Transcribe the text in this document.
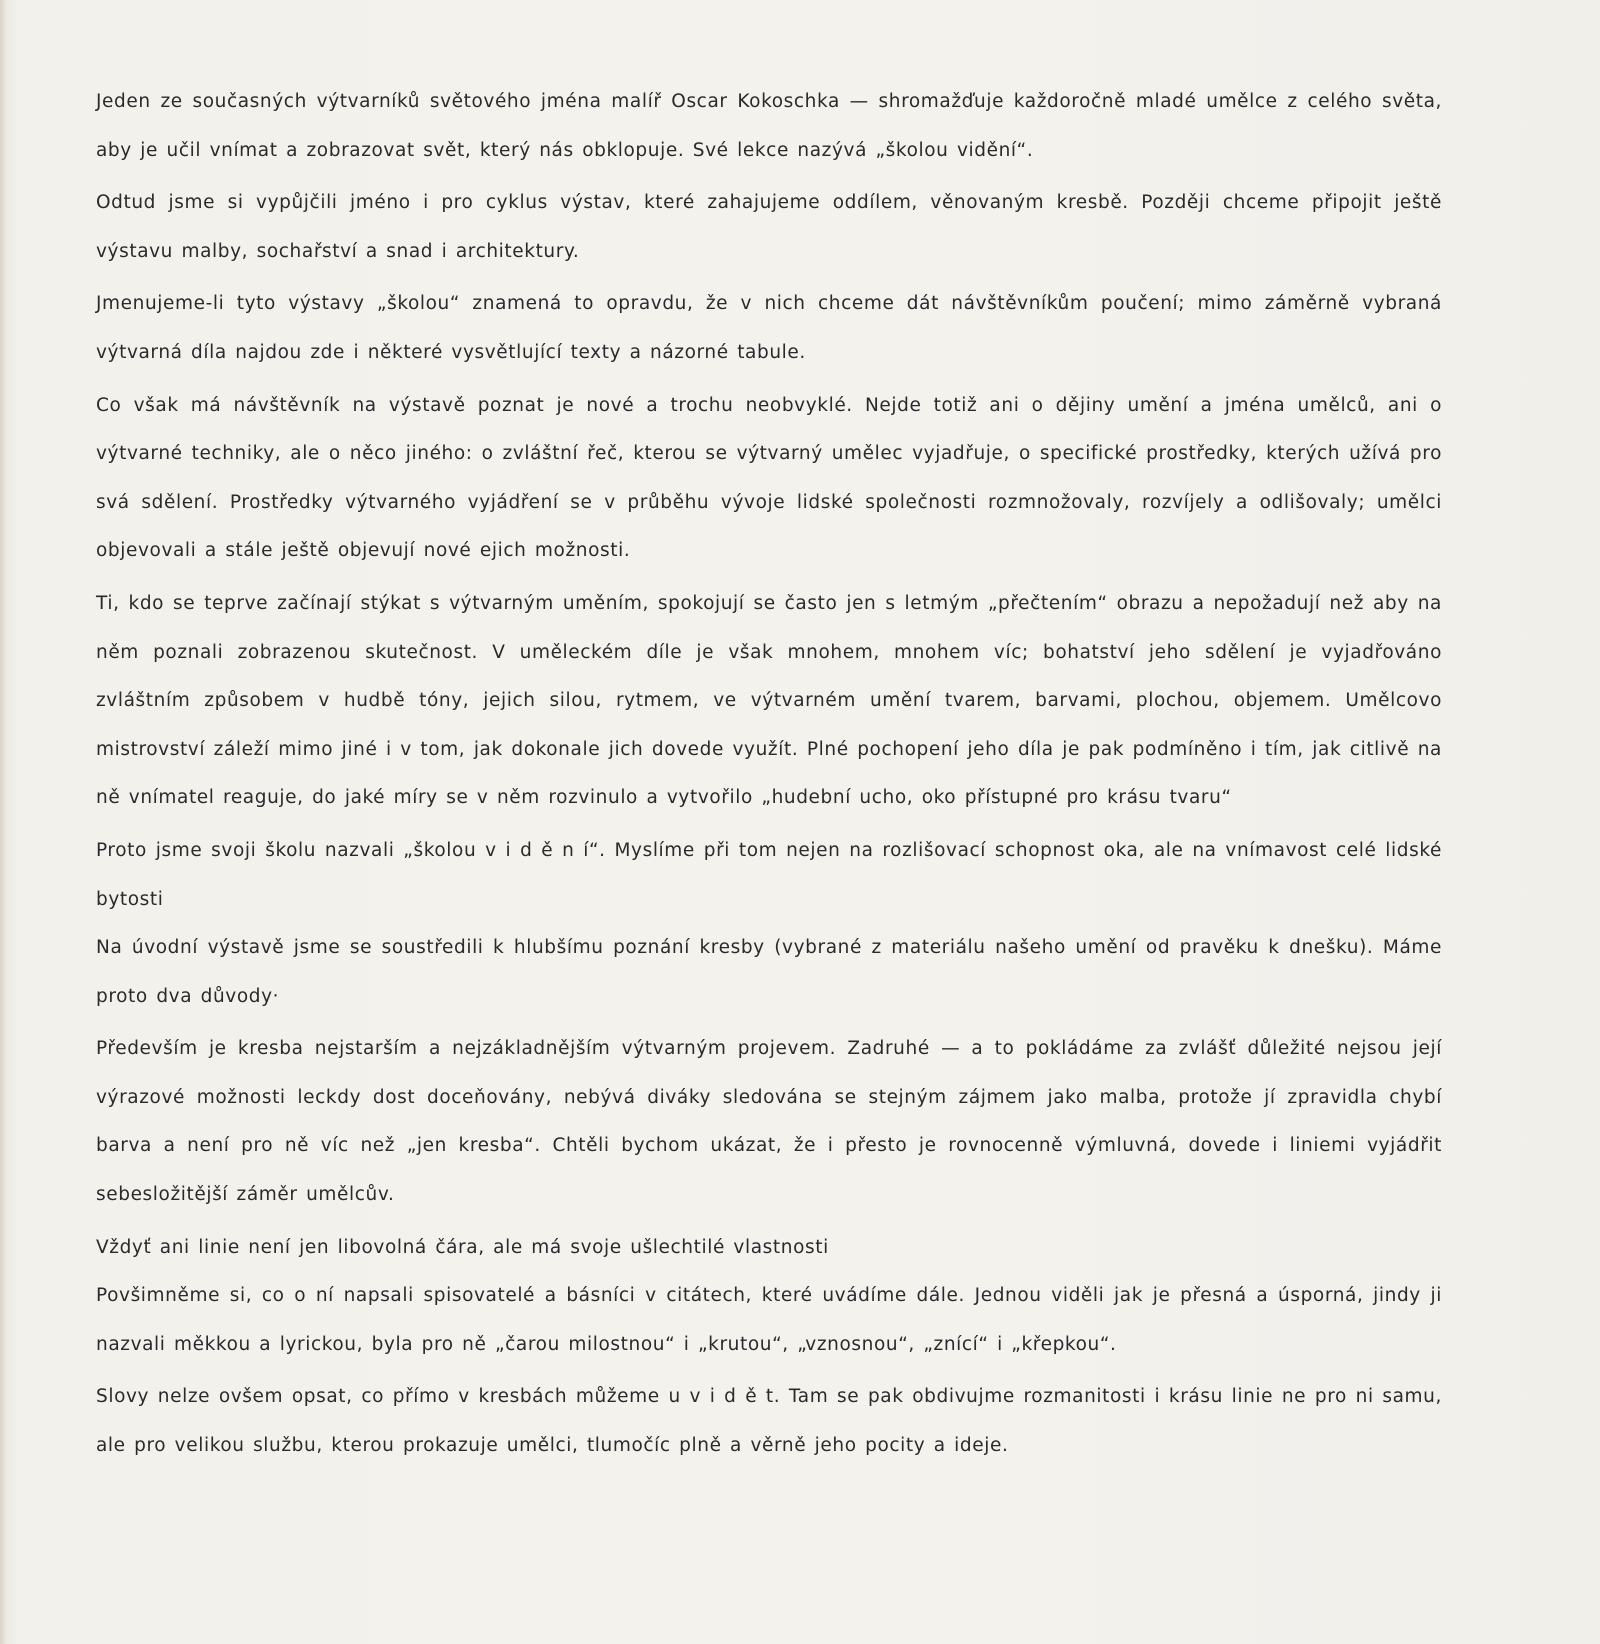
Jeden ze současných výtvarníků světového jména malíř Oscar Kokoschka — shromažďuje každoročně mladé umělce z celého světa, aby je učil vnímat a zobrazovat svět, který nás obklopuje. Své lekce nazývá „školou vidění“.

Odtud jsme si vypůjčili jméno i pro cyklus výstav, které zahajujeme oddílem, věnovaným kresbě. Později chceme připojit ještě výstavu malby, sochařství a snad i architektury.

Jmenujeme-li tyto výstavy „školou“ znamená to opravdu, že v nich chceme dát návštěvníkům poučení; mimo záměrně vybraná výtvarná díla najdou zde i některé vysvětlující texty a názorné tabule.

Co však má návštěvník na výstavě poznat je nové a trochu neobvyklé. Nejde totiž ani o dějiny umění a jména umělců, ani o výtvarné techniky, ale o něco jiného: o zvláštní řeč, kterou se výtvarný umělec vyjadřuje, o specifické prostředky, kterých užívá pro svá sdělení. Prostředky výtvarného vyjádření se v průběhu vývoje lidské společnosti rozmnožovaly, rozvíjely a odlišovaly; umělci objevovali a stále ještě objevují nové ejich možnosti.

Ti, kdo se teprve začínají stýkat s výtvarným uměním, spokojují se často jen s letmým „přečtením“ obrazu a nepožadují než aby na něm poznali zobrazenou skutečnost. V uměleckém díle je však mnohem, mnohem víc; bohatství jeho sdělení je vyjadřováno zvláštním způsobem v hudbě tóny, jejich silou, rytmem, ve výtvarném umění tvarem, barvami, plochou, objemem. Umělcovo mistrovství záleží mimo jiné i v tom, jak dokonale jich dovede využít. Plné pochopení jeho díla je pak podmíněno i tím, jak citlivě na ně vnímatel reaguje, do jaké míry se v něm rozvinulo a vytvořilo „hudební ucho, oko přístupné pro krásu tvaru“

Proto jsme svoji školu nazvali „školou v i d ě n í“. Myslíme při tom nejen na rozlišovací schopnost oka, ale na vnímavost celé lidské bytosti

Na úvodní výstavě jsme se soustředili k hlubšímu poznání kresby (vybrané z materiálu našeho umění od pravěku k dnešku). Máme proto dva důvody·

Především je kresba nejstarším a nejzákladnějším výtvarným projevem. Zadruhé — a to pokládáme za zvlášť důležité nejsou její výrazové možnosti leckdy dost doceňovány, nebývá diváky sledována se stejným zájmem jako malba, protože jí zpravidla chybí barva a není pro ně víc než „jen kresba“. Chtěli bychom ukázat, že i přesto je rovnocenně výmluvná, dovede i liniemi vyjádřit sebesložitější záměr umělcův.

Vždyť ani linie není jen libovolná čára, ale má svoje ušlechtilé vlastnosti

Povšimněme si, co o ní napsali spisovatelé a básníci v citátech, které uvádíme dále. Jednou viděli jak je přesná a úsporná, jindy ji nazvali měkkou a lyrickou, byla pro ně „čarou milostnou“ i „krutou“, „vznosnou“, „znící“ i „křepkou“.

Slovy nelze ovšem opsat, co přímo v kresbách můžeme u v i d ě t. Tam se pak obdivujme rozmanitosti i krásu linie ne pro ni samu, ale pro velikou službu, kterou prokazuje umělci, tlumočíc plně a věrně jeho pocity a ideje.
